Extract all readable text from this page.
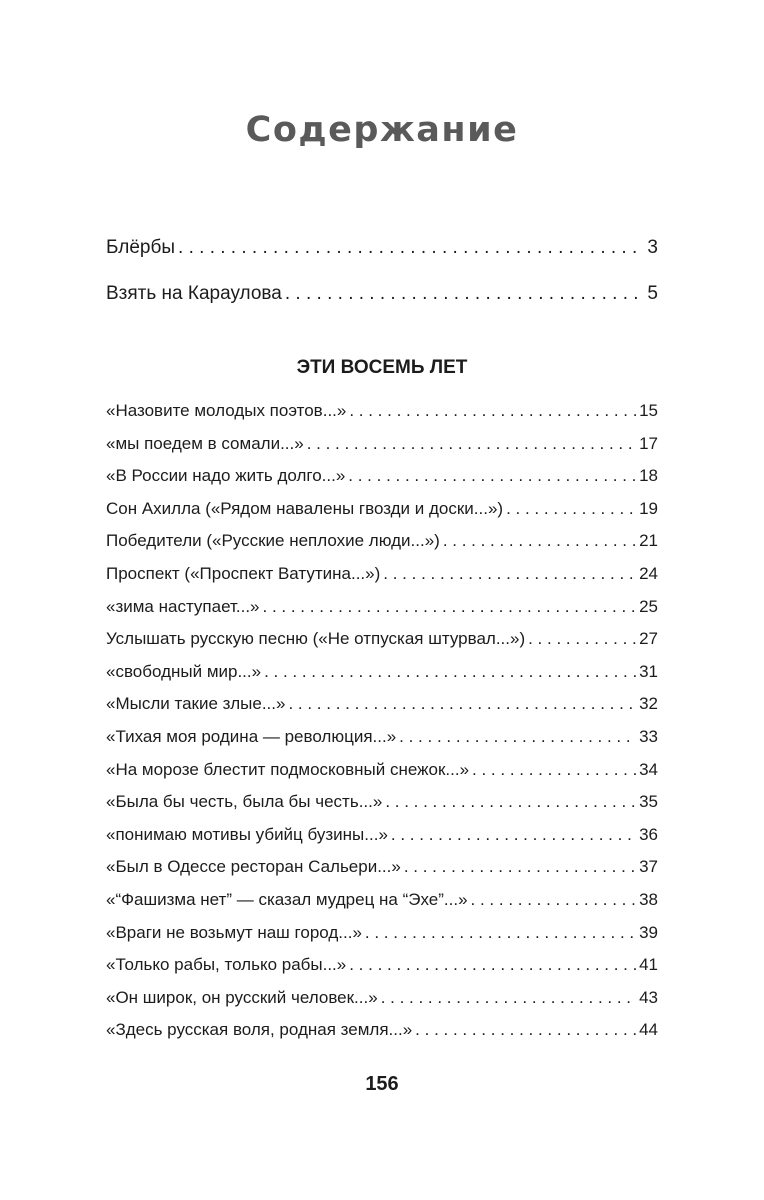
Содержание
Блёрбы . . .	3
Взять на Караулова . . .	5
ЭТИ ВОСЕМЬ ЛЕТ
«Назовите молодых поэтов...» . . .	15
«мы поедем в сомали...» . . .	17
«В России надо жить долго...» . . .	18
Сон Ахилла («Рядом навалены гвозди и доски...») . . .	19
Победители («Русские неплохие люди...») . . .	21
Проспект («Проспект Ватутина...») . . .	24
«зима наступает...» . . .	25
Услышать русскую песню («Не отпуская штурвал...») . . .	27
«свободный мир...» . . .	31
«Мысли такие злые...» . . .	32
«Тихая моя родина — революция...» . . .	33
«На морозе блестит подмосковный снежок...» . . .	34
«Была бы честь, была бы честь...» . . .	35
«понимаю мотивы убийц бузины...» . . .	36
«Был в Одессе ресторан Сальери...» . . .	37
«“Фашизма нет” — сказал мудрец на “Эхе”...» . . .	38
«Враги не возьмут наш город...» . . .	39
«Только рабы, только рабы...» . . .	41
«Он широк, он русский человек...» . . .	43
«Здесь русская воля, родная земля...» . . .	44
156
